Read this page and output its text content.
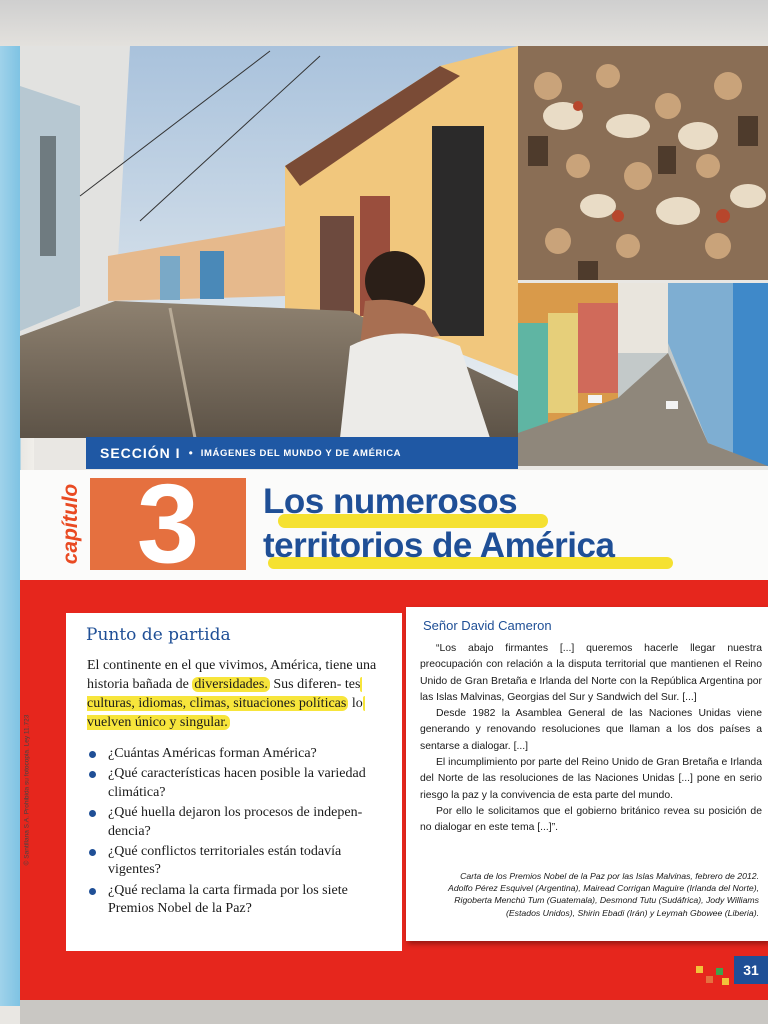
SECCIÓN I • IMÁGENES DEL MUNDO Y DE AMÉRICA
capítulo 3	Los numerosos
territorios de América
© Santillana S.A. Prohibida su fotocopia. Ley 11.723
Punto de partida
El continente en el que vivimos, América, tiene una historia bañada de diversidades. Sus diferen- tes culturas, idiomas, climas, situaciones políticas lo vuelven único y singular.
¿Cuántas Américas forman América?
¿Qué características hacen posible la variedad climática?
¿Qué huella dejaron los procesos de indepen-dencia?
¿Qué conflictos territoriales están todavía vigentes?
¿Qué reclama la carta firmada por los siete Premios Nobel de la Paz?
Señor David Cameron

“Los abajo firmantes [...] queremos hacerle llegar nuestra preocupación con relación a la disputa territorial que mantienen el Reino Unido de Gran Bretaña e Irlanda del Norte con la República Argentina por las Islas Malvinas, Georgias del Sur y Sandwich del Sur. [...]

Desde 1982 la Asamblea General de las Naciones Unidas viene generando y renovando resoluciones que llaman a los dos países a sentarse a dialogar. [...]

El incumplimiento por parte del Reino Unido de Gran Bretaña e Irlanda del Norte de las resoluciones de las Naciones Unidas [...] pone en serio riesgo la paz y la convivencia de esta parte del mundo.

Por ello le solicitamos que el gobierno británico revea su posición de no dialogar en este tema [...]”.

Carta de los Premios Nobel de la Paz por las Islas Malvinas, febrero de 2012. Adolfo Pérez Esquivel (Argentina), Mairead Corrigan Maguire (Irlanda del Norte), Rigoberta Menchú Tum (Guatemala), Desmond Tutu (Sudáfrica), Jody Williams (Estados Unidos), Shirin Ebadi (Irán) y Leymah Gbowee (Liberia).
31
